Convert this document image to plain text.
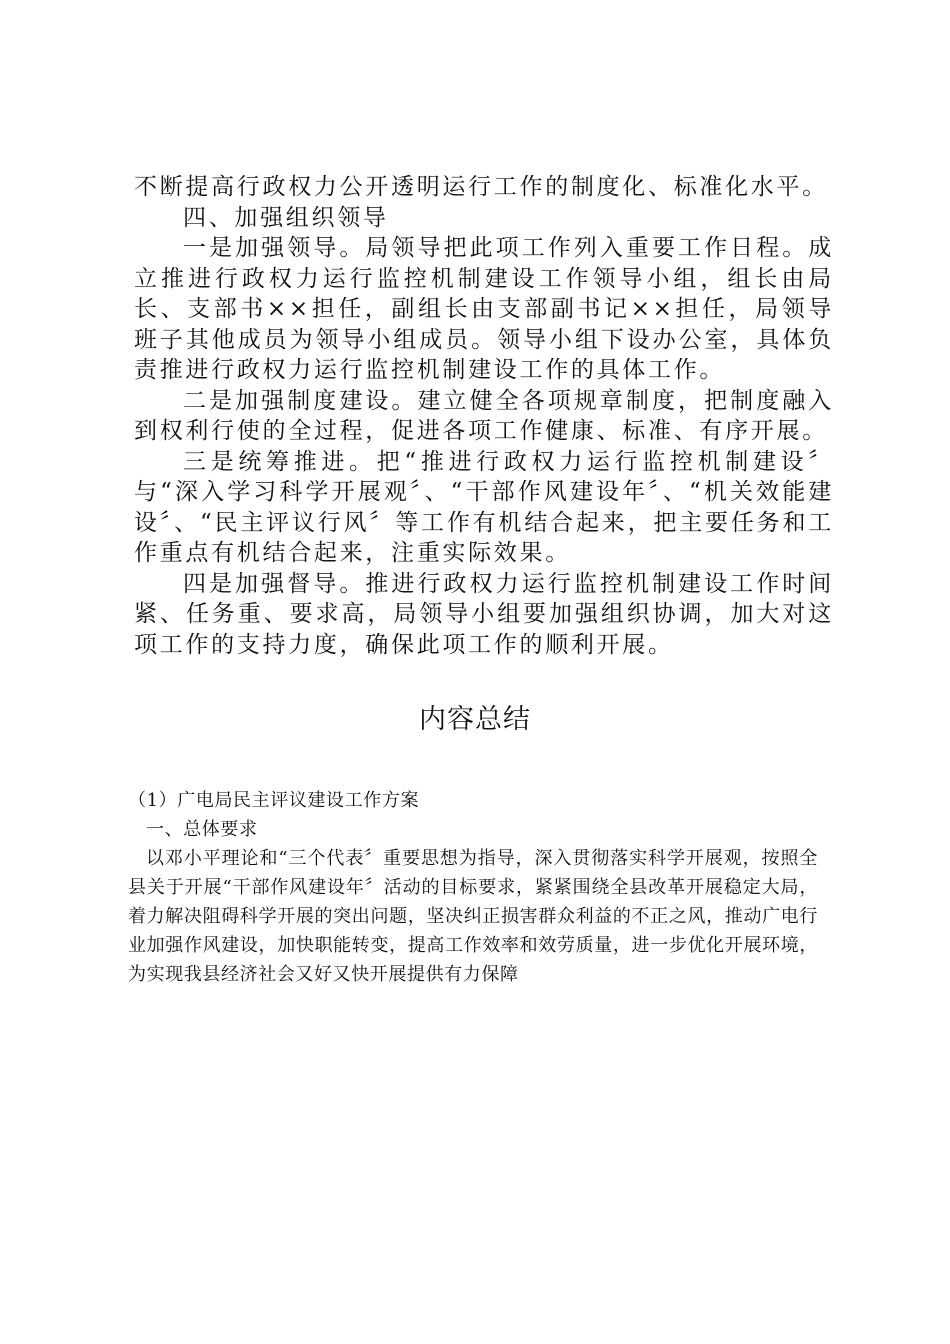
不断提高行政权力公开透明运行工作的制度化、标准化水平。

四、加强组织领导

一是加强领导。局领导把此项工作列入重要工作日程。成立推进行政权力运行监控机制建设工作领导小组，组长由局长、支部书××担任，副组长由支部副书记××担任，局领导班子其他成员为领导小组成员。领导小组下设办公室，具体负责推进行政权力运行监控机制建设工作的具体工作。

二是加强制度建设。建立健全各项规章制度，把制度融入到权利行使的全过程，促进各项工作健康、标准、有序开展。

三是统筹推进。把“推进行政权力运行监控机制建设〞与“深入学习科学开展观〞、“干部作风建设年〞、“机关效能建设〞、“民主评议行风〞等工作有机结合起来，把主要任务和工作重点有机结合起来，注重实际效果。

四是加强督导。推进行政权力运行监控机制建设工作时间紧、任务重、要求高，局领导小组要加强组织协调，加大对这项工作的支持力度，确保此项工作的顺利开展。

内容总结

（1）广电局民主评议建设工作方案

一、总体要求

以邓小平理论和“三个代表〞重要思想为指导，深入贯彻落实科学开展观，按照全县关于开展“干部作风建设年〞活动的目标要求，紧紧围绕全县改革开展稳定大局，着力解决阻碍科学开展的突出问题，坚决纠正损害群众利益的不正之风，推动广电行业加强作风建设，加快职能转变，提高工作效率和效劳质量，进一步优化开展环境，为实现我县经济社会又好又快开展提供有力保障
